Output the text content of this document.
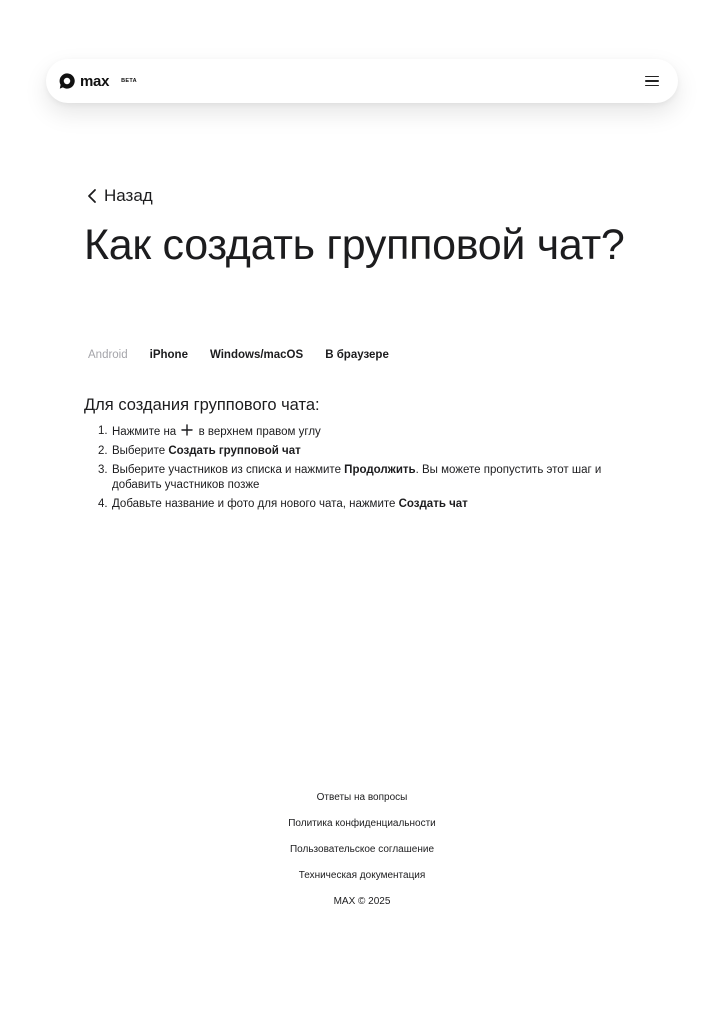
max BETA
Назад
Как создать групповой чат?
Android iPhone Windows/macOS В браузере
Для создания группового чата:
1. Нажмите на в верхнем правом углу
2. Выберите Создать групповой чат
3. Выберите участников из списка и нажмите Продолжить. Вы можете пропустить этот шаг и добавить участников позже
4. Добавьте название и фото для нового чата, нажмите Создать чат
Ответы на вопросы
Политика конфиденциальности
Пользовательское соглашение
Техническая документация
MAX © 2025
